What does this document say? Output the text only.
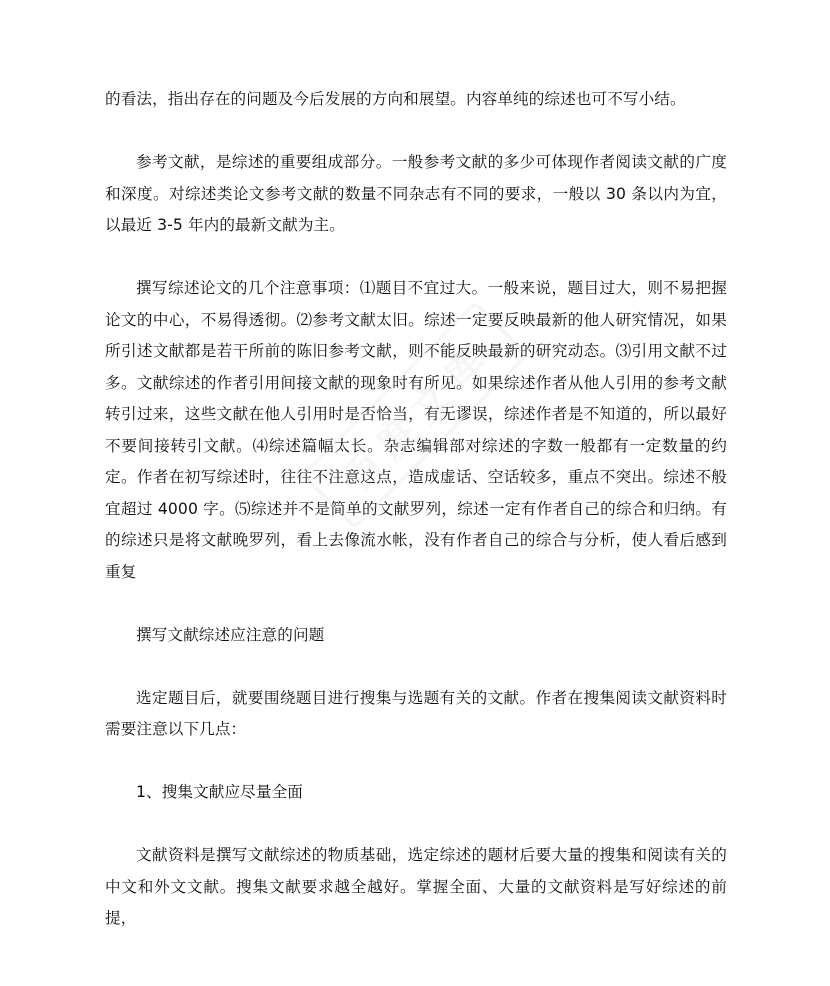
的看法，指出存在的问题及今后发展的方向和展望。内容单纯的综述也可不写小结。

参考文献，是综述的重要组成部分。一般参考文献的多少可体现作者阅读文献的广度和深度。对综述类论文参考文献的数量不同杂志有不同的要求，一般以 30 条以内为宜，以最近 3-5 年内的最新文献为主。

撰写综述论文的几个注意事项：⑴题目不宜过大。一般来说，题目过大，则不易把握论文的中心，不易得透彻。⑵参考文献太旧。综述一定要反映最新的他人研究情况，如果所引述文献都是若干所前的陈旧参考文献，则不能反映最新的研究动态。⑶引用文献不过多。文献综述的作者引用间接文献的现象时有所见。如果综述作者从他人引用的参考文献转引过来，这些文献在他人引用时是否恰当，有无谬误，综述作者是不知道的，所以最好不要间接转引文献。⑷综述篇幅太长。杂志编辑部对综述的字数一般都有一定数量的约定。作者在初写综述时，往往不注意这点，造成虚话、空话较多，重点不突出。综述不般宜超过 4000 字。⑸综述并不是简单的文献罗列，综述一定有作者自己的综合和归纳。有的综述只是将文献晚罗列，看上去像流水帐，没有作者自己的综合与分析，使人看后感到重复

撰写文献综述应注意的问题

选定题目后，就要围绕题目进行搜集与选题有关的文献。作者在搜集阅读文献资料时需要注意以下几点：

1、搜集文献应尽量全面

文献资料是撰写文献综述的物质基础，选定综述的题材后要大量的搜集和阅读有关的中文和外文文献。搜集文献要求越全越好。掌握全面、大量的文献资料是写好综述的前提，

百度文库
